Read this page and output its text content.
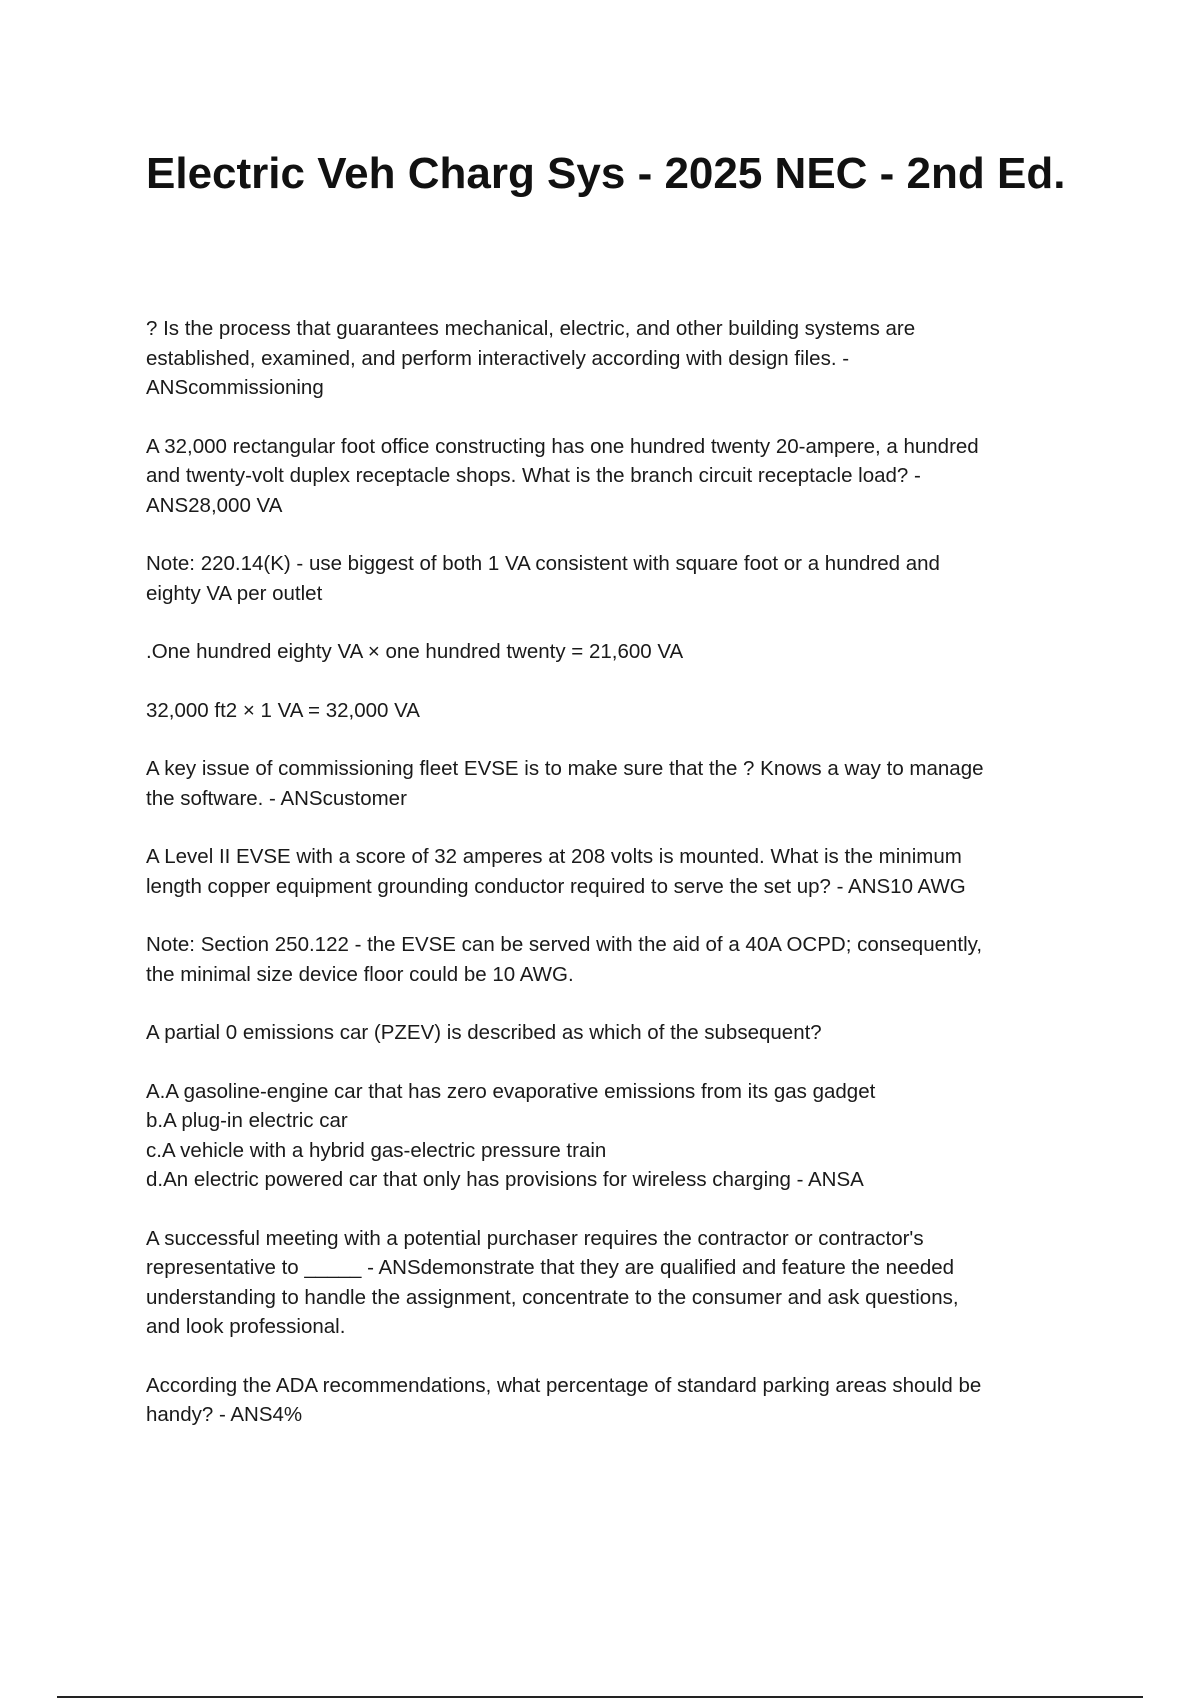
Electric Veh Charg Sys - 2025 NEC - 2nd Ed.

? Is the process that guarantees mechanical, electric, and other building systems are
established, examined, and perform interactively according with design files. -
ANScommissioning

A 32,000 rectangular foot office constructing has one hundred twenty 20-ampere, a hundred
and twenty-volt duplex receptacle shops. What is the branch circuit receptacle load? -
ANS28,000 VA

Note: 220.14(K) - use biggest of both 1 VA consistent with square foot or a hundred and
eighty VA per outlet

.One hundred eighty VA × one hundred twenty = 21,600 VA

32,000 ft2 × 1 VA = 32,000 VA

A key issue of commissioning fleet EVSE is to make sure that the ? Knows a way to manage
the software. - ANScustomer

A Level II EVSE with a score of 32 amperes at 208 volts is mounted. What is the minimum
length copper equipment grounding conductor required to serve the set up? - ANS10 AWG

Note: Section 250.122 - the EVSE can be served with the aid of a 40A OCPD; consequently,
the minimal size device floor could be 10 AWG.

A partial 0 emissions car (PZEV) is described as which of the subsequent?

A.A gasoline-engine car that has zero evaporative emissions from its gas gadget
b.A plug-in electric car
c.A vehicle with a hybrid gas-electric pressure train
d.An electric powered car that only has provisions for wireless charging - ANSA

A successful meeting with a potential purchaser requires the contractor or contractor's
representative to _____ - ANSdemonstrate that they are qualified and feature the needed
understanding to handle the assignment, concentrate to the consumer and ask questions,
and look professional.

According the ADA recommendations, what percentage of standard parking areas should be
handy? - ANS4%
